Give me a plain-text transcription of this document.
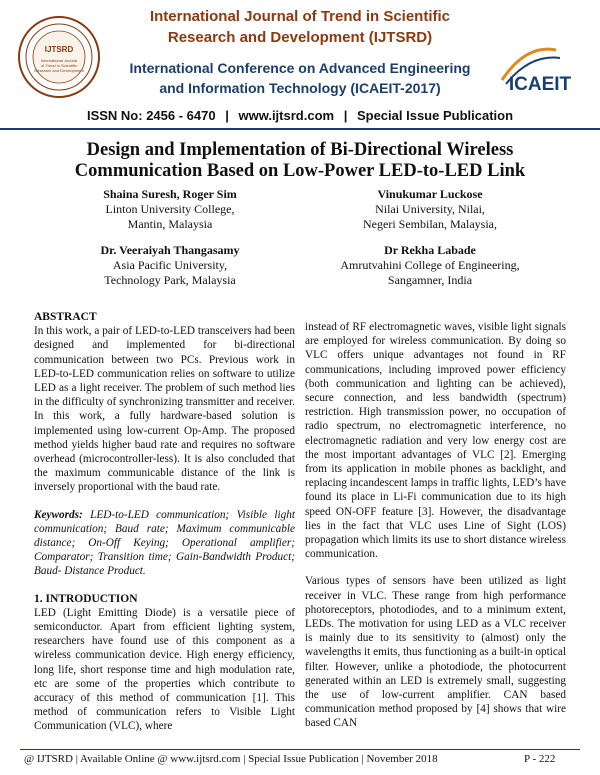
IJTSRD
International Journal
of Trend in Scientific
Research and Development
International Journal of Trend in Scientific
Research and Development (IJTSRD)
International Conference on Advanced Engineering
and Information Technology (ICAEIT-2017)	ICAEIT
ISSN No: 2456 - 6470 | www.ijtsrd.com | Special Issue Publication
Design and Implementation of Bi-Directional Wireless
Communication Based on Low-Power LED-to-LED Link
Shaina Suresh, Roger Sim
Linton University College,
Mantin, Malaysia
Vinukumar Luckose
Nilai University, Nilai,
Negeri Sembilan, Malaysia,
Dr. Veeraiyah Thangasamy
Asia Pacific University,
Technology Park, Malaysia
Dr Rekha Labade
Amrutvahini College of Engineering,
Sangamner, India

ABSTRACT

In this work, a pair of LED-to-LED transceivers had been designed and implemented for bi-directional communication between two PCs. Previous work in LED-to-LED communication relies on software to utilize LED as a light receiver. The problem of such method lies in the difficulty of synchronizing transmitter and receiver. In this work, a fully hardware-based solution is implemented using low-current Op-Amp. The proposed method yields higher baud rate and requires no software overhead (microcontroller-less). It is also concluded that the maximum communicable distance of the link is inversely proportional with the baud rate.

Keywords: LED-to-LED communication; Visible light communication; Baud rate; Maximum communicable distance; On-Off Keying; Operational amplifier; Comparator; Transition time; Gain-Bandwidth Product; Baud- Distance Product.

1. INTRODUCTION

LED (Light Emitting Diode) is a versatile piece of semiconductor. Apart from efficient lighting system, researchers have found use of this component as a wireless communication device. High energy efficiency, long life, short response time and high modulation rate, etc are some of the properties which contribute to accuracy of this method of communication [1]. This method of communication refers to Visible Light Communication (VLC), where

instead of RF electromagnetic waves, visible light signals are employed for wireless communication. By doing so VLC offers unique advantages not found in RF communications, including improved power efficiency (both communication and lighting can be achieved), secure connection, and less bandwidth (spectrum) restriction. High transmission power, no occupation of radio spectrum, no electromagnetic interference, no electromagnetic radiation and very low energy cost are the most important advantages of VLC [2]. Emerging from its application in mobile phones as backlight, and replacing incandescent lamps in traffic lights, LED’s have found its place in Li-Fi communication due to its high speed ON-OFF feature [3]. However, the disadvantage lies in the fact that VLC uses Line of Sight (LOS) propagation which limits its use to short distance wireless communication.

Various types of sensors have been utilized as light receiver in VLC. These range from high performance photoreceptors, photodiodes, and to a minimum extent, LEDs. The motivation for using LED as a VLC receiver is mainly due to its sensitivity to (almost) only the wavelengths it emits, thus functioning as a built-in optical filter. However, unlike a photodiode, the photocurrent generated within an LED is extremely small, suggesting the use of low-current amplifier. CAN based communication method proposed by [4] shows that wire based CAN

@ IJTSRD | Available Online @ www.ijtsrd.com | Special Issue Publication | November 2018	P - 222
